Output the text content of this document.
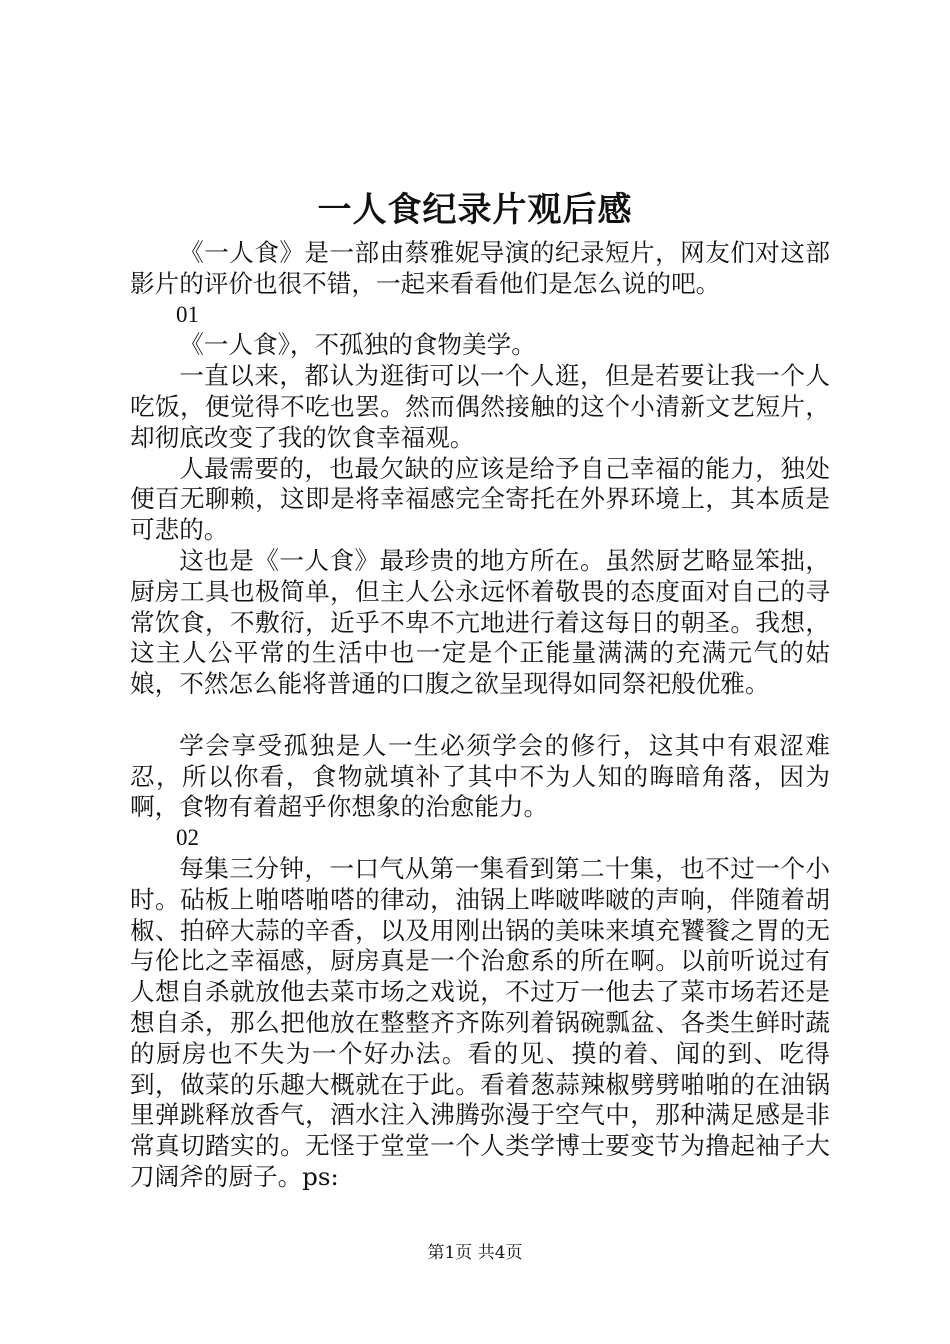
一人食纪录片观后感

《一人食》是一部由蔡雅妮导演的纪录短片，网友们对这部影片的评价也很不错，一起来看看他们是怎么说的吧。

01

《一人食》，不孤独的食物美学。

一直以来，都认为逛街可以一个人逛，但是若要让我一个人吃饭，便觉得不吃也罢。然而偶然接触的这个小清新文艺短片，却彻底改变了我的饮食幸福观。

人最需要的，也最欠缺的应该是给予自己幸福的能力，独处便百无聊赖，这即是将幸福感完全寄托在外界环境上，其本质是可悲的。

这也是《一人食》最珍贵的地方所在。虽然厨艺略显笨拙，厨房工具也极简单，但主人公永远怀着敬畏的态度面对自己的寻常饮食，不敷衍，近乎不卑不亢地进行着这每日的朝圣。我想，这主人公平常的生活中也一定是个正能量满满的充满元气的姑娘，不然怎么能将普通的口腹之欲呈现得如同祭祀般优雅。

学会享受孤独是人一生必须学会的修行，这其中有艰涩难忍，所以你看，食物就填补了其中不为人知的晦暗角落，因为啊，食物有着超乎你想象的治愈能力。

02

每集三分钟，一口气从第一集看到第二十集，也不过一个小时。砧板上啪嗒啪嗒的律动，油锅上哔啵哔啵的声响，伴随着胡椒、拍碎大蒜的辛香，以及用刚出锅的美味来填充饕餮之胃的无与伦比之幸福感，厨房真是一个治愈系的所在啊。以前听说过有人想自杀就放他去菜市场之戏说，不过万一他去了菜市场若还是想自杀，那么把他放在整整齐齐陈列着锅碗瓢盆、各类生鲜时蔬的厨房也不失为一个好办法。看的见、摸的着、闻的到、吃得到，做菜的乐趣大概就在于此。看着葱蒜辣椒劈劈啪啪的在油锅里弹跳释放香气，酒水注入沸腾弥漫于空气中，那种满足感是非常真切踏实的。无怪于堂堂一个人类学博士要变节为撸起袖子大刀阔斧的厨子。ps:

第1页 共4页
